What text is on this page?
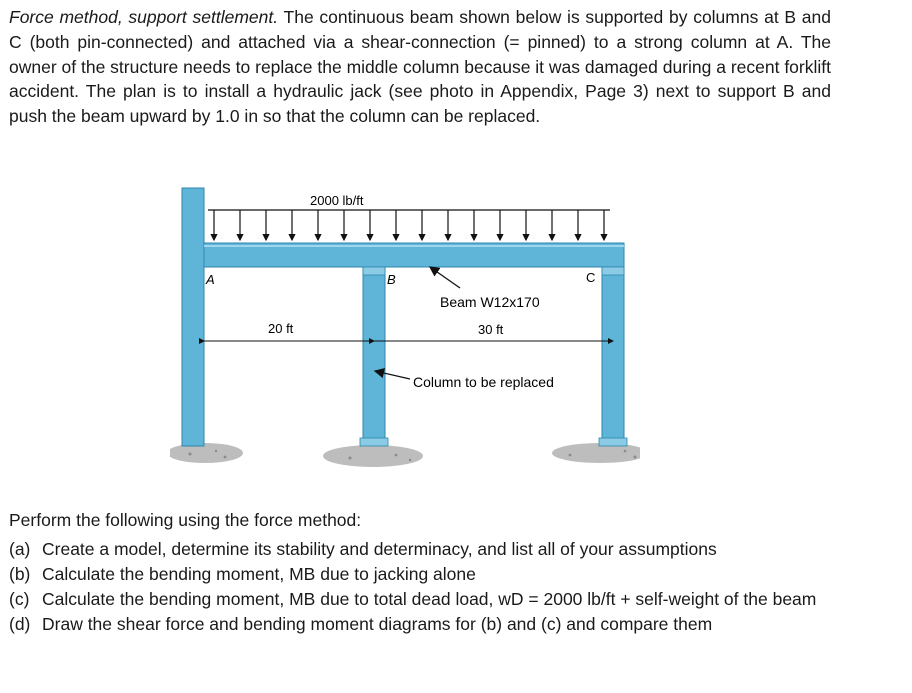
Force method, support settlement. The continuous beam shown below is supported by columns at B and C (both pin-connected) and attached via a shear-connection (= pinned) to a strong column at A. The owner of the structure needs to replace the middle column because it was damaged during a recent forklift accident. The plan is to install a hydraulic jack (see photo in Appendix, Page 3) next to support B and push the beam upward by 1.0 in so that the column can be replaced.
2000 lb/ft
A	B	C
Beam W12x170
20 ft	30 ft
Column to be replaced
Perform the following using the force method:
(a) Create a model, determine its stability and determinacy, and list all of your assumptions
(b) Calculate the bending moment, MB due to jacking alone
(c) Calculate the bending moment, MB due to total dead load, wD = 2000 lb/ft + self-weight of the beam
(d) Draw the shear force and bending moment diagrams for (b) and (c) and compare them
